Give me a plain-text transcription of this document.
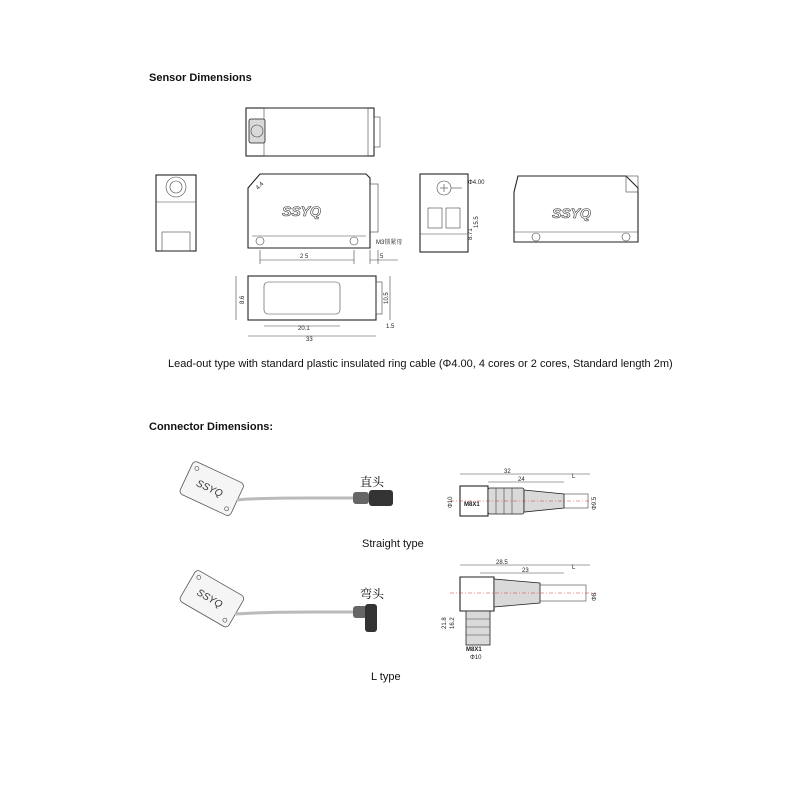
Sensor Dimensions
SSYQ
4.4
2 5
M3锁紧母
5
Φ4.00
15.5
8.71
SSYQ
8.6	10.5
20.1
33
1.5

Lead-out type with standard plastic insulated ring cable (Φ4.00, 4 cores or 2 cores, Standard length 2m)

Connector Dimensions:
SSYQ	直头

Straight type

32
24	L
M8X1
Φ10	Φ9.5
SSYQ	弯头

L type

28.5
23	L
M8X1
Φ10
21.8 16.2
Φ8
